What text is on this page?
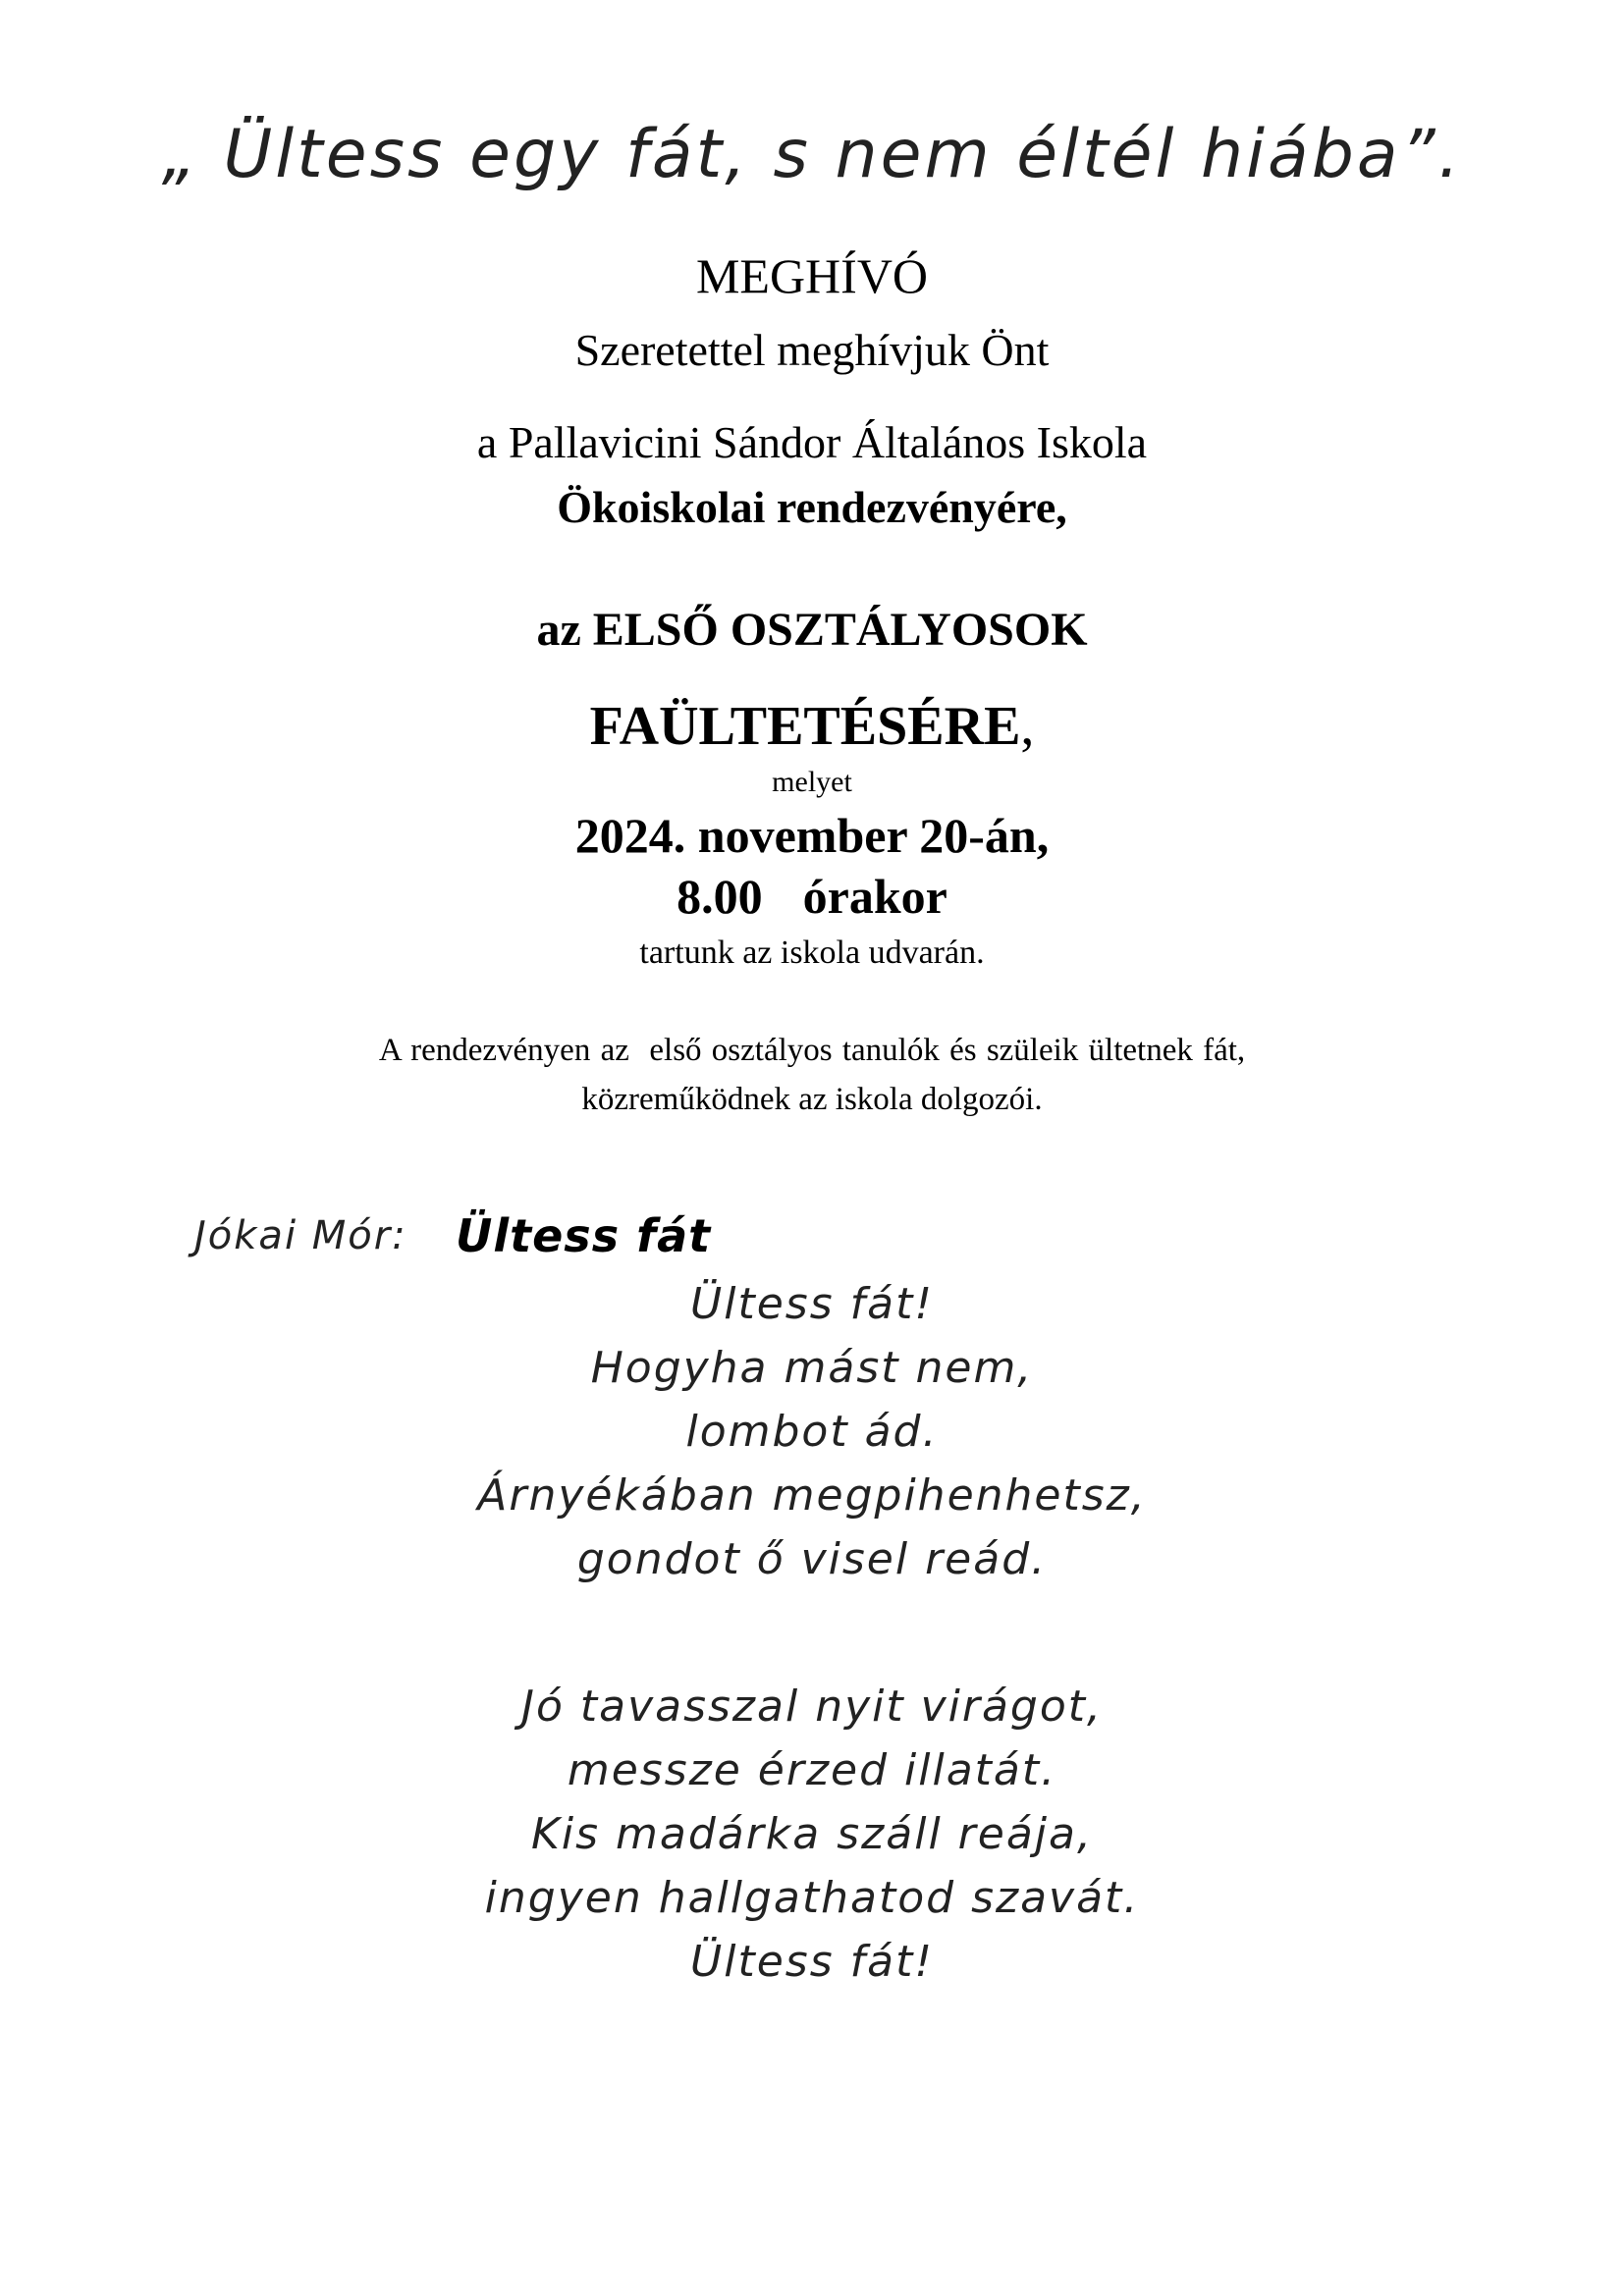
„ Ültess egy fát, s nem éltél hiába”.
MEGHÍVÓ
Szeretettel meghívjuk Önt
a Pallavicini Sándor Általános Iskola
Ökoiskolai rendezvényére,
az ELSŐ OSZTÁLYOSOK
FAÜLTETÉSÉRE,
melyet
2024. november 20-án,
8.00  órakor
tartunk az iskola udvarán.
A rendezvényen az  első osztályos tanulók és szüleik ültetnek fát,
közreműködnek az iskola dolgozói.
Jókai Mór: Ültess fát
Ültess fát!
Hogyha mást nem,
lombot ád.
Árnyékában megpihenhetsz,
gondot ő visel reád.
Jó tavasszal nyit virágot,
messze érzed illatát.
Kis madárka száll reája,
ingyen hallgathatod szavát.
Ültess fát!
